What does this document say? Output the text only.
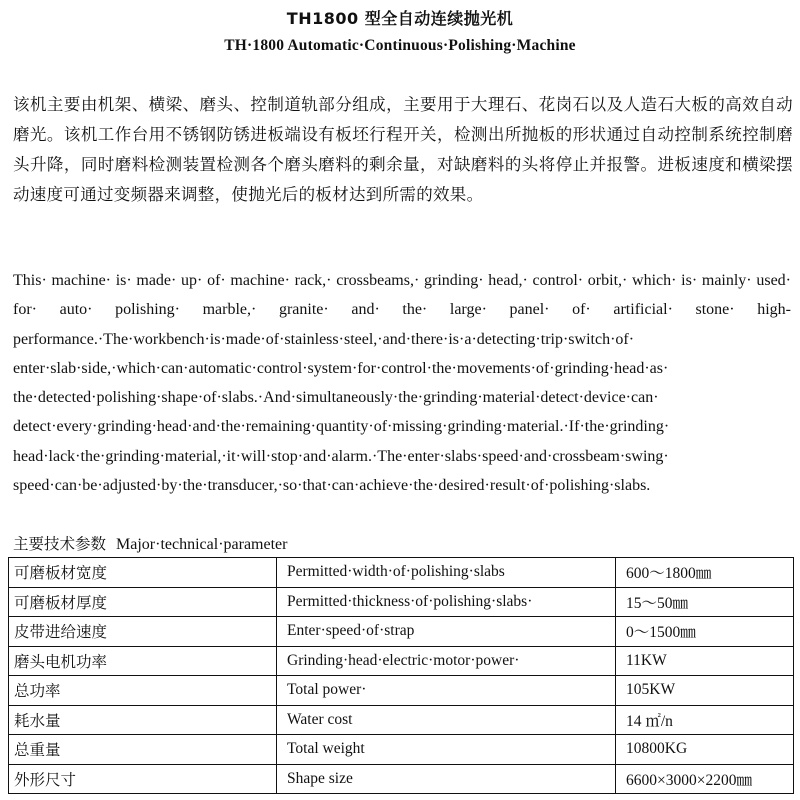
TH1800 型全自动连续抛光机
TH·1800 Automatic·Continuous·Polishing·Machine

该机主要由机架、横梁、磨头、控制道轨部分组成，主要用于大理石、花岗石以及人造石大板的高效自动磨光。该机工作台用不锈钢防锈进板端设有板坯行程开关，检测出所抛板的形状通过自动控制系统控制磨头升降，同时磨料检测装置检测各个磨头磨料的剩余量，对缺磨料的头将停止并报警。进板速度和横梁摆动速度可通过变频器来调整，使抛光后的板材达到所需的效果。

This· machine· is· made· up· of· machine· rack,· crossbeams,· grinding· head,· control· orbit,· which· is· mainly· used· for· auto· polishing· marble,· granite· and· the· large· panel· of· artificial· stone· high-performance.·The·workbench·is·made·of·stainless·steel,·and·there·is·a·detecting·trip·switch·of· enter·slab·side,·which·can·automatic·control·system·for·control·the·movements·of·grinding·head·as· the·detected·polishing·shape·of·slabs.·And·simultaneously·the·grinding·material·detect·device·can· detect·every·grinding·head·and·the·remaining·quantity·of·missing·grinding·material.·If·the·grinding· head·lack·the·grinding·material,·it·will·stop·and·alarm.·The·enter·slabs·speed·and·crossbeam·swing· speed·can·be·adjusted·by·the·transducer,·so·that·can·achieve·the·desired·result·of·polishing·slabs.

主要技术参数 Major·technical·parameter
可磨板材宽度	Permitted·width·of·polishing·slabs	600～1800㎜
可磨板材厚度	Permitted·thickness·of·polishing·slabs·	15～50㎜
皮带进给速度	Enter·speed·of·strap	0～1500㎜
磨头电机功率	Grinding·head·electric·motor·power·	11KW
总功率	Total power·	105KW
耗水量	Water cost	14 ㎡/n
总重量	Total weight	10800KG
外形尺寸	Shape size	6600×3000×2200㎜
